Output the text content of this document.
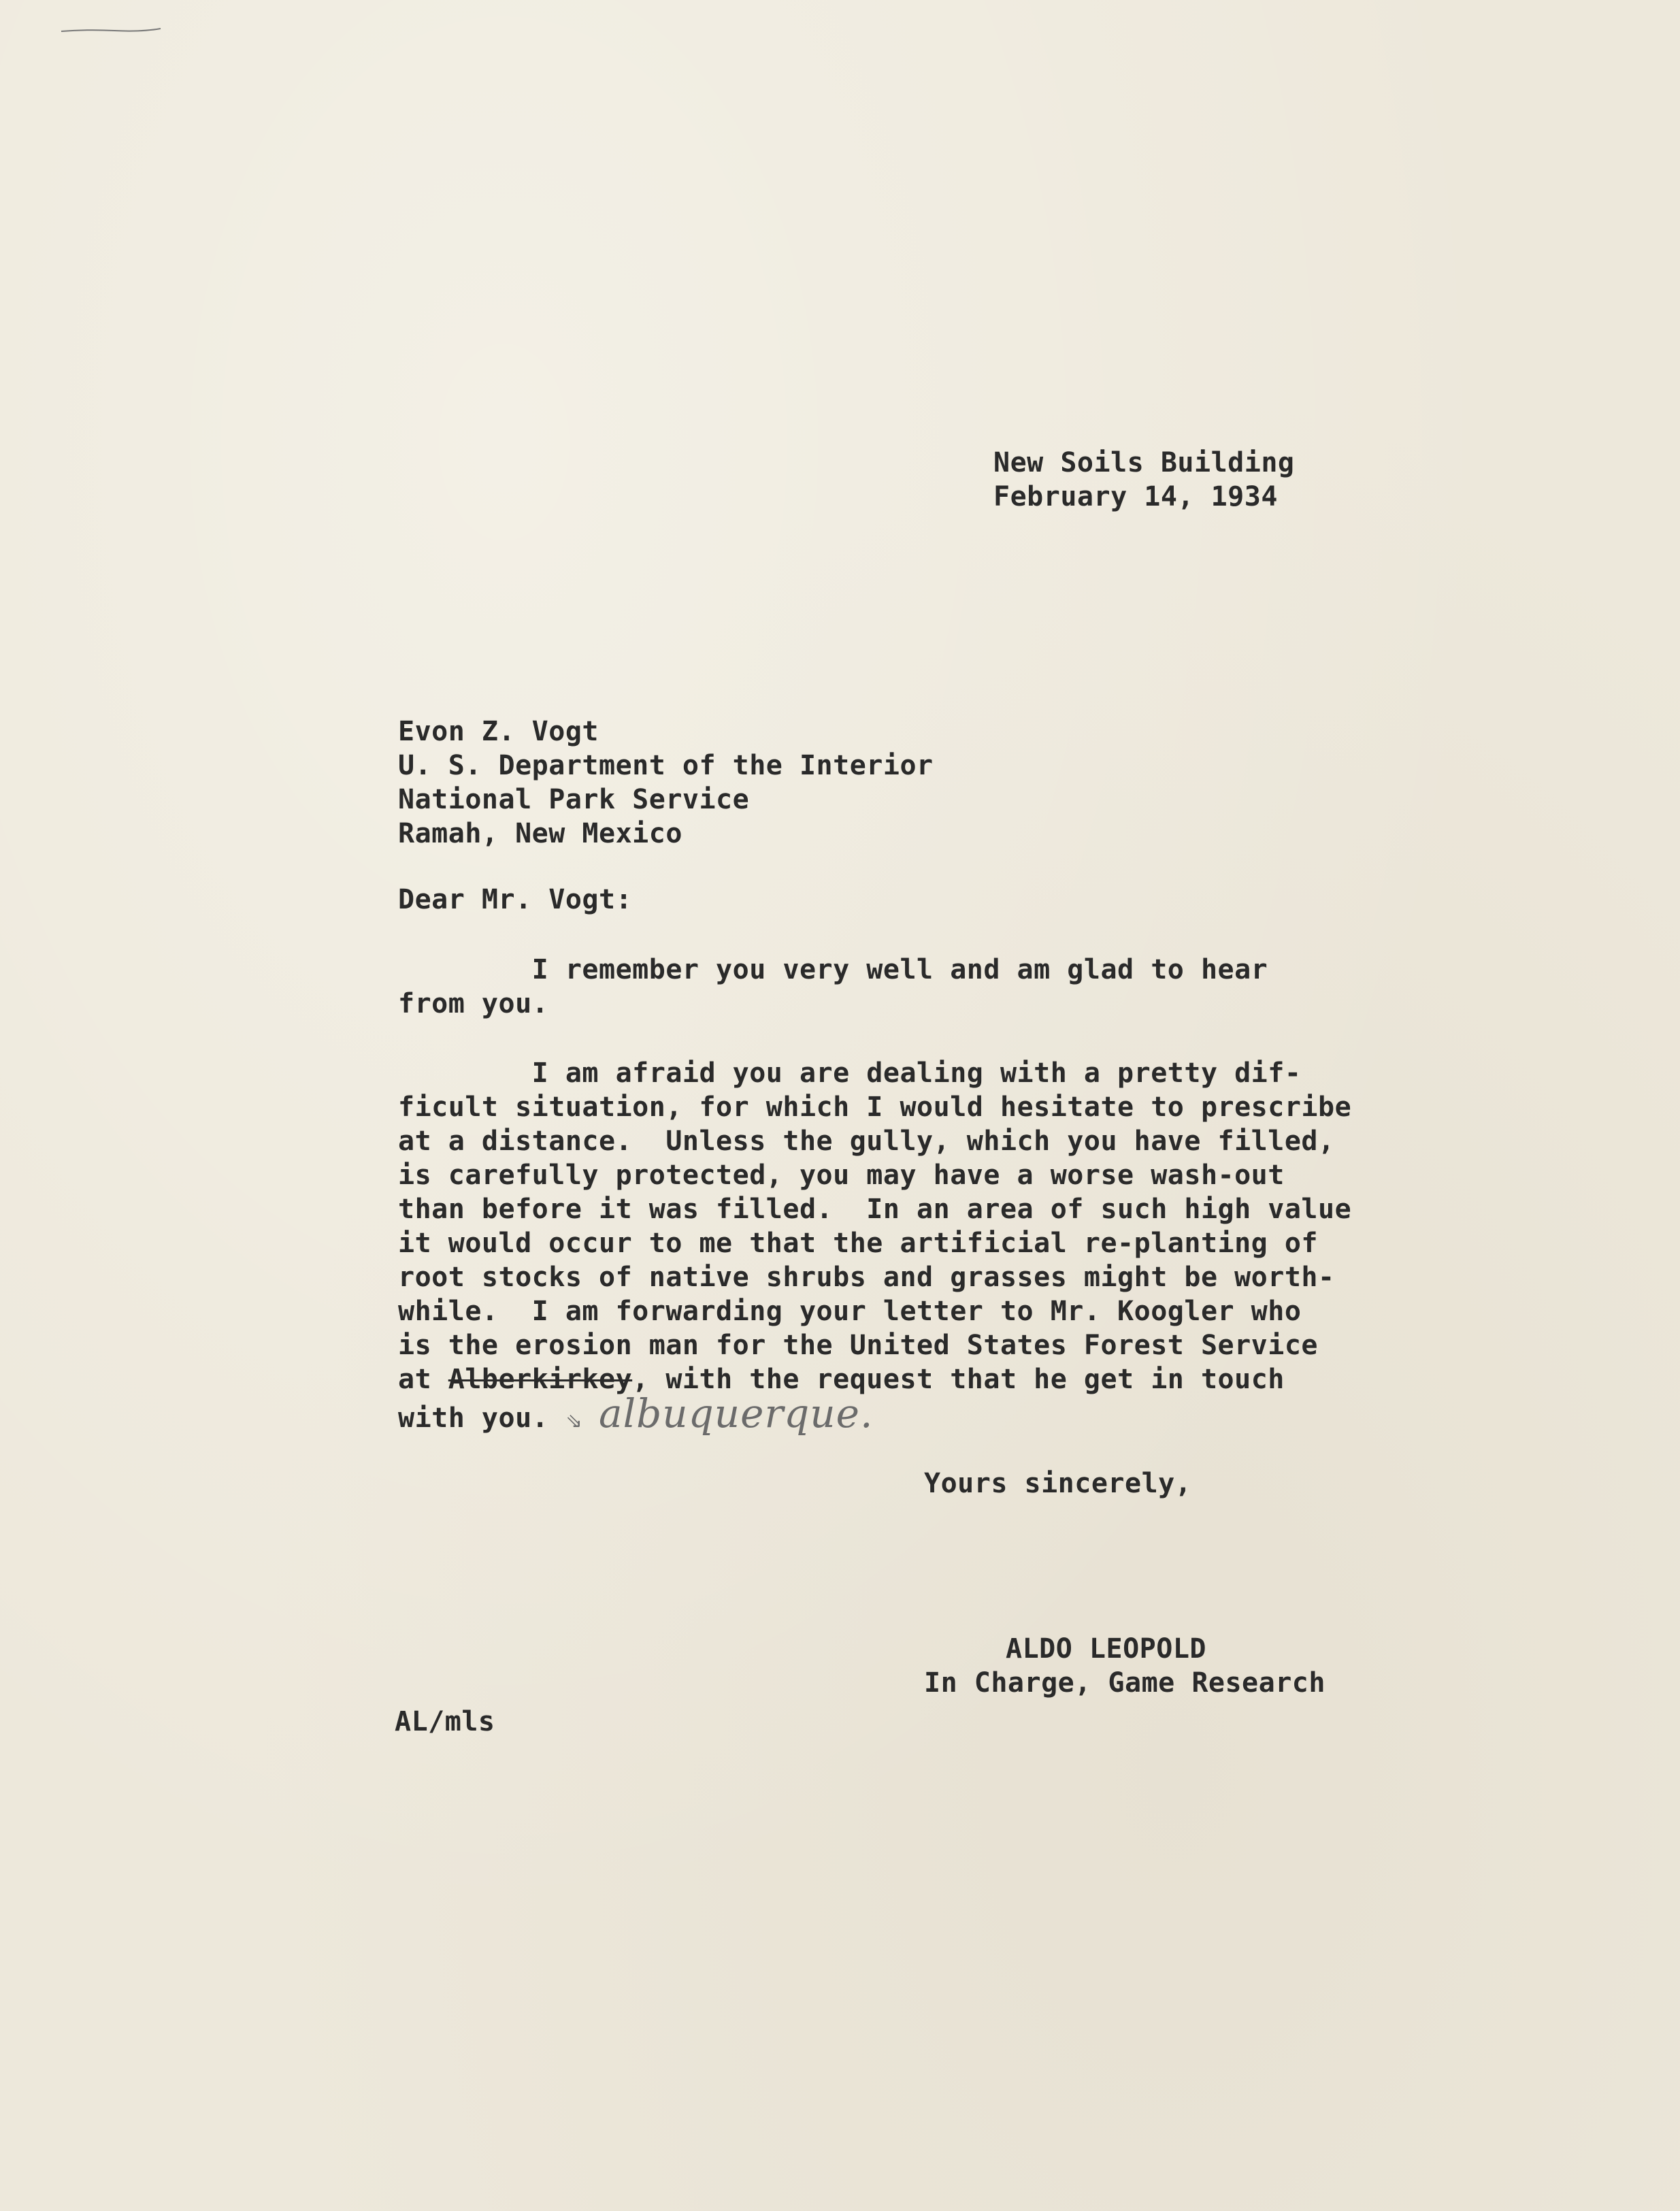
New Soils Building
February 14, 1934
Evon Z. Vogt
U. S. Department of the Interior
National Park Service
Ramah, New Mexico
Dear Mr. Vogt:
I remember you very well and am glad to hear
from you.
I am afraid you are dealing with a pretty dif-
ficult situation, for which I would hesitate to prescribe
at a distance.  Unless the gully, which you have filled,
is carefully protected, you may have a worse wash-out
than before it was filled.  In an area of such high value
it would occur to me that the artificial re-planting of
root stocks of native shrubs and grasses might be worth-
while.  I am forwarding your letter to Mr. Koogler who
is the erosion man for the United States Forest Service
at Alberkirkey, with the request that he get in touch
with you. ⇘ albuquerque.
Yours sincerely,
ALDO LEOPOLD
In Charge, Game Research
AL/mls
